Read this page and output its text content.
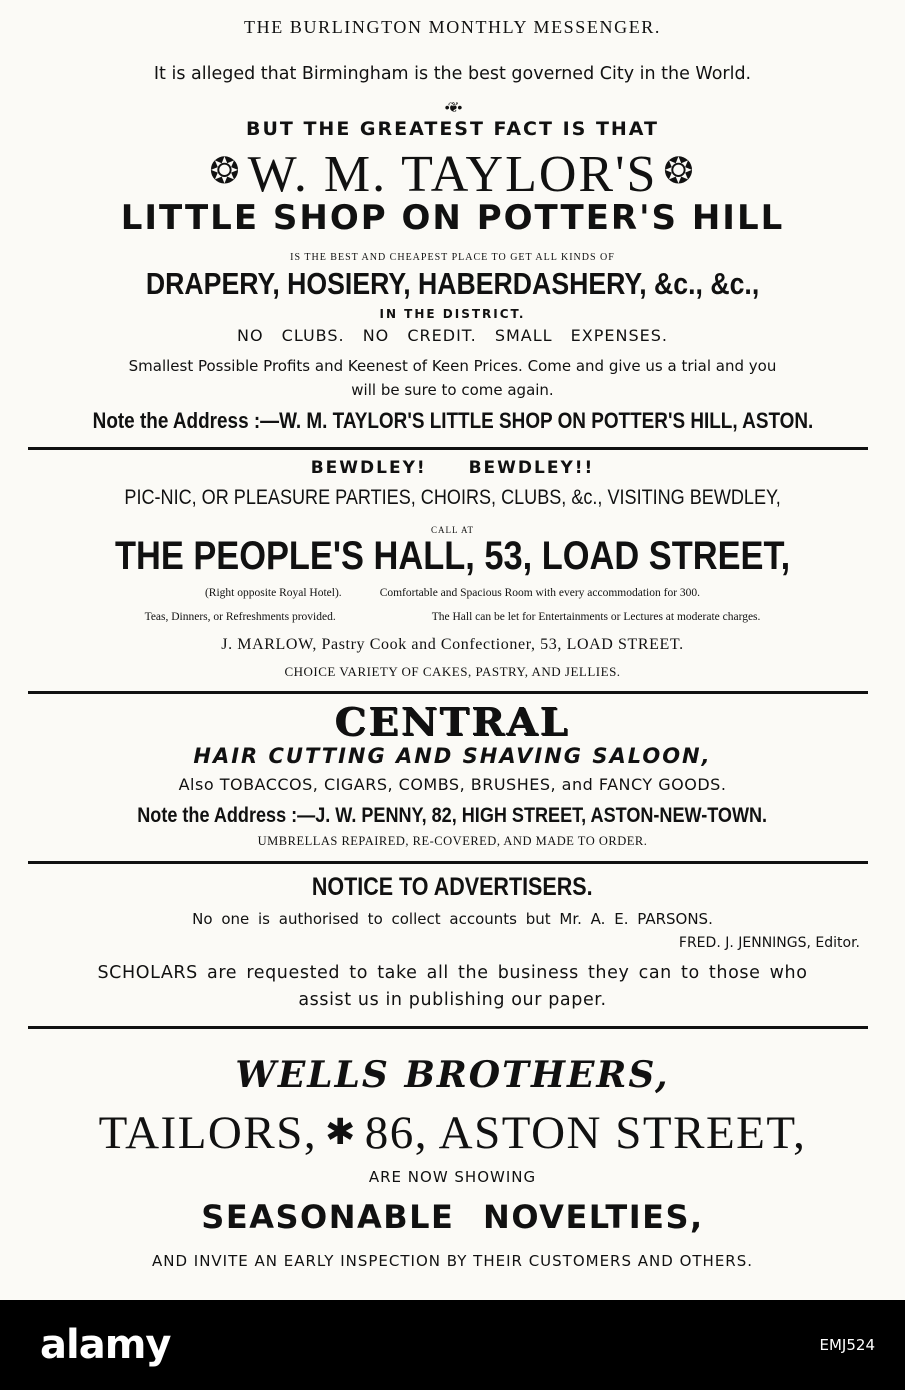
THE BURLINGTON MONTHLY MESSENGER.
It is alleged that Birmingham is the best governed City in the World.
•❦•
BUT THE GREATEST FACT IS THAT
❂ W. M. TAYLOR'S ❂
LITTLE SHOP ON POTTER'S HILL
IS THE BEST AND CHEAPEST PLACE TO GET ALL KINDS OF
DRAPERY, HOSIERY, HABERDASHERY, &c., &c.,
IN THE DISTRICT.
NO CLUBS. NO CREDIT. SMALL EXPENSES.
Smallest Possible Profits and Keenest of Keen Prices. Come and give us a trial and you
will be sure to come again.
Note the Address :—W. M. TAYLOR'S LITTLE SHOP ON POTTER'S HILL, ASTON.
BEWDLEY! BEWDLEY!!
PIC-NIC, OR PLEASURE PARTIES, CHOIRS, CLUBS, &c., VISITING BEWDLEY,
CALL AT
THE PEOPLE'S HALL, 53, LOAD STREET,
(Right opposite Royal Hotel).	Comfortable and Spacious Room with every accommodation for 300.
Teas, Dinners, or Refreshments provided.	The Hall can be let for Entertainments or Lectures at moderate charges.
J. MARLOW, Pastry Cook and Confectioner, 53, LOAD STREET.
CHOICE VARIETY OF CAKES, PASTRY, AND JELLIES.
CENTRAL
HAIR CUTTING AND SHAVING SALOON,
Also TOBACCOS, CIGARS, COMBS, BRUSHES, and FANCY GOODS.
Note the Address :—J. W. PENNY, 82, HIGH STREET, ASTON-NEW-TOWN.
UMBRELLAS REPAIRED, RE-COVERED, AND MADE TO ORDER.
NOTICE TO ADVERTISERS.
No one is authorised to collect accounts but Mr. A. E. PARSONS.
FRED. J. JENNINGS, Editor.
SCHOLARS are requested to take all the business they can to those who
assist us in publishing our paper.
WELLS BROTHERS,
TAILORS, ✱ 86, ASTON STREET,
ARE NOW SHOWING
SEASONABLE NOVELTIES,
AND INVITE AN EARLY INSPECTION BY THEIR CUSTOMERS AND OTHERS.
alamy	EMJ524
